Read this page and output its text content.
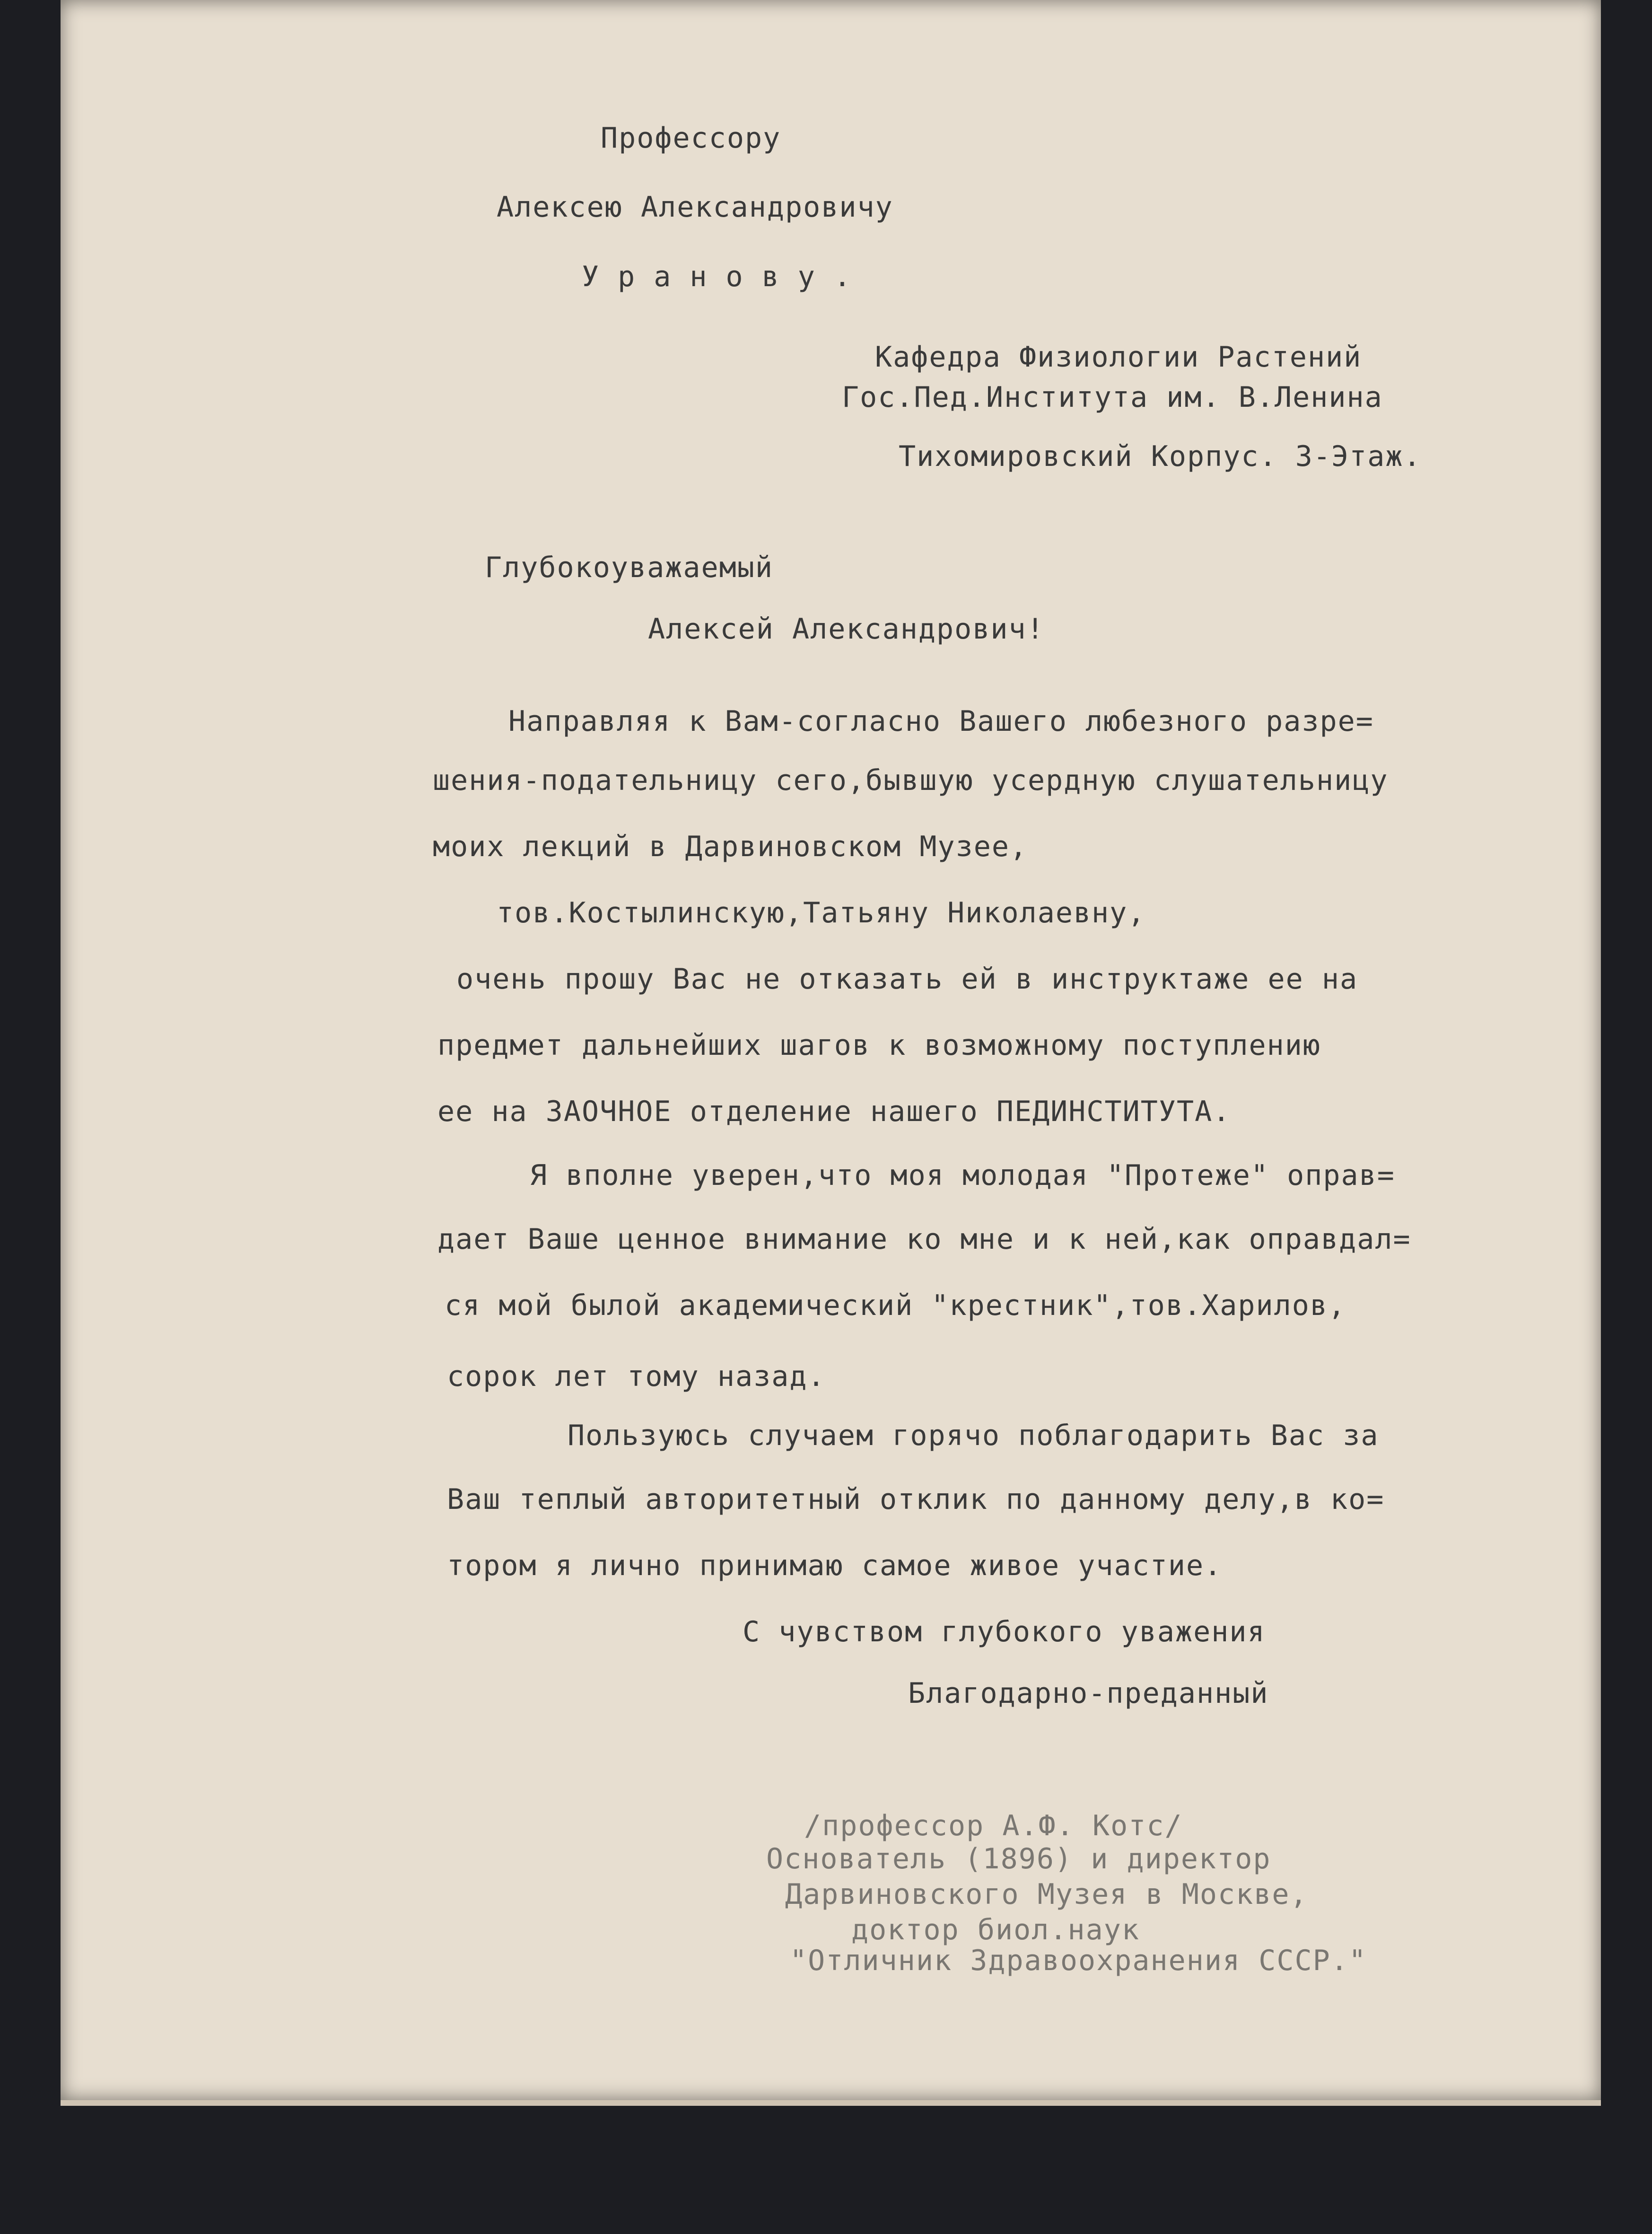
Профессору
Алексею Александровичу
Уранову.
Кафедра Физиологии Растений
Гос.Пед.Института им. В.Ленина
Тихомировский Корпус. 3-Этаж.
Глубокоуважаемый
Алексей Александрович!
Направляя к Вам-согласно Вашего любезного разре=
шения-подательницу сего,бывшую усердную слушательницу
моих лекций в Дарвиновском Музее,
тов.Костылинскую,Татьяну Николаевну,
очень прошу Вас не отказать ей в инструктаже ее на
предмет дальнейших шагов к возможному поступлению
ее на ЗАОЧНОЕ отделение нашего ПЕДИНСТИТУТА.
Я вполне уверен,что моя молодая "Протеже" оправ=
дает Ваше ценное внимание ко мне и к ней,как оправдал=
ся мой былой академический "крестник",тов.Харилов,
сорок лет тому назад.
Пользуюсь случаем горячо поблагодарить Вас за
Ваш теплый авторитетный отклик по данному делу,в ко=
тором я лично принимаю самое живое участие.
С чувством глубокого уважения
Благодарно-преданный
/профессор А.Ф. Котс/
Основатель (1896) и директор
Дарвиновского Музея в Москве,
доктор биол.наук
"Отличник Здравоохранения СССР."
